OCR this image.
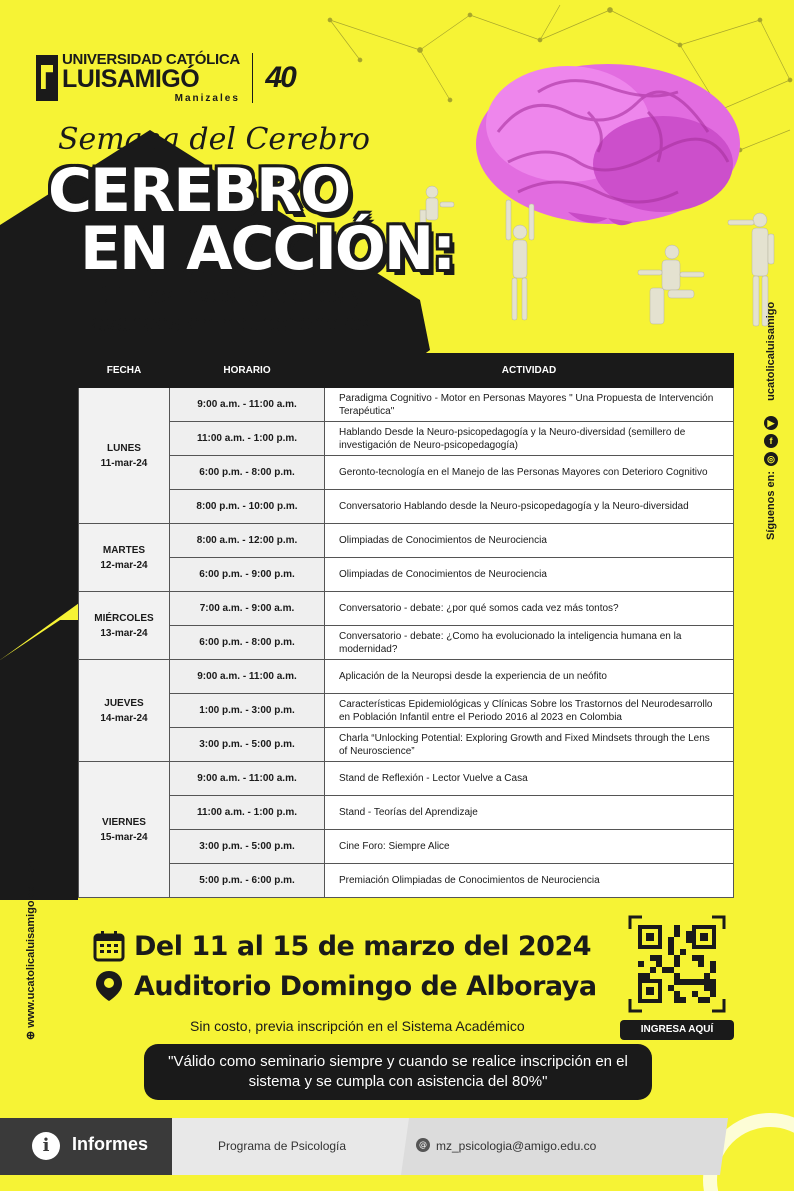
UNIVERSIDAD CATÓLICA
LUISAMIGÓ
Manizales
40
Semana del Cerebro
CEREBRO
EN ACCIÓN:
últimas investigaciones y avances en neurociencias
Síguenos en: ◎f▶ ucatolicaluisamigo
⊕ www.ucatolicaluisamigo.edu.co
FECHA	HORARIO	ACTIVIDAD

LUNES
11-mar-24	9:00 a.m. - 11:00 a.m.	Paradigma Cognitivo - Motor en Personas Mayores " Una Propuesta de Intervención Terapéutica"
	11:00 a.m. - 1:00 p.m.	Hablando Desde la Neuro-psicopedagogía y la Neuro-diversidad (semillero de investigación de Neuro-psicopedagogía)
	6:00 p.m. - 8:00 p.m.	Geronto-tecnología en el Manejo de las Personas Mayores con Deterioro Cognitivo
	8:00 p.m. - 10:00 p.m.	Conversatorio Hablando desde la Neuro-psicopedagogía y la Neuro-diversidad

MARTES
12-mar-24	8:00 a.m. - 12:00 p.m.	Olimpiadas de Conocimientos de Neurociencia
	6:00 p.m. - 9:00 p.m.	Olimpiadas de Conocimientos de Neurociencia

MIÉRCOLES
13-mar-24	7:00 a.m. - 9:00 a.m.	Conversatorio - debate: ¿por qué somos cada vez más tontos?
	6:00 p.m. - 8:00 p.m.	Conversatorio - debate: ¿Como ha evolucionado la inteligencia humana en la modernidad?

JUEVES
14-mar-24	9:00 a.m. - 11:00 a.m.	Aplicación de la Neuropsi desde la experiencia de un neófito
	1:00 p.m. - 3:00 p.m.	Características Epidemiológicas y Clínicas Sobre los Trastornos del Neurodesarrollo en Población Infantil entre el Periodo 2016 al 2023 en Colombia
	3:00 p.m. - 5:00 p.m.	Charla “Unlocking Potential: Exploring Growth and Fixed Mindsets through the Lens of Neuroscience”

VIERNES
15-mar-24	9:00 a.m. - 11:00 a.m.	Stand de Reflexión - Lector Vuelve a Casa
	11:00 a.m. - 1:00 p.m.	Stand - Teorías del Aprendizaje
	3:00 p.m. - 5:00 p.m.	Cine Foro: Siempre Alice
	5:00 p.m. - 6:00 p.m.	Premiación Olimpiadas de Conocimientos de Neurociencia
Del 11 al 15 de marzo del 2024
Auditorio Domingo de Alboraya
Sin costo, previa inscripción en el Sistema Académico
"Válido como seminario siempre y cuando se realice inscripción en el sistema y se cumpla con asistencia del 80%"
INGRESA AQUÍ
i	Informes	Programa de Psicología	@ mz_psicologia@amigo.edu.co
